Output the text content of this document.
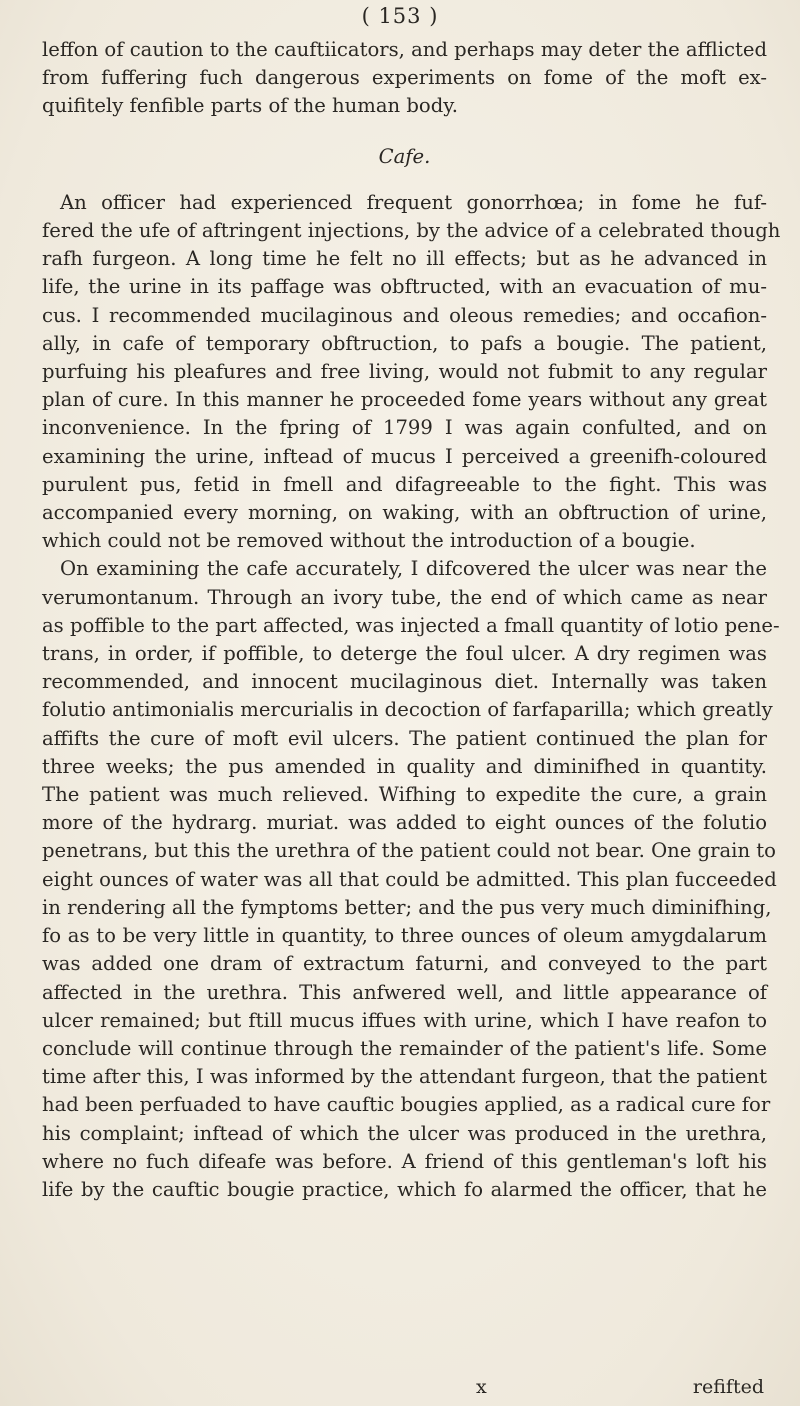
( 153 )
leffon of caution to the cauftiicators, and perhaps may deter the afflicted
from fuffering fuch dangerous experiments on fome of the moft ex-
quifitely fenfible parts of the human body.
Cafe.
An officer had experienced frequent gonorrhœa; in fome he fuf-
fered the ufe of aftringent injections, by the advice of a celebrated though
rafh furgeon. A long time he felt no ill effects; but as he advanced in
life, the urine in its paffage was obftructed, with an evacuation of mu-
cus. I recommended mucilaginous and oleous remedies; and occafion-
ally, in cafe of temporary obftruction, to pafs a bougie. The patient,
purfuing his pleafures and free living, would not fubmit to any regular
plan of cure. In this manner he proceeded fome years without any great
inconvenience. In the fpring of 1799 I was again confulted, and on
examining the urine, inftead of mucus I perceived a greenifh-coloured
purulent pus, fetid in fmell and difagreeable to the fight. This was
accompanied every morning, on waking, with an obftruction of urine,
which could not be removed without the introduction of a bougie.
On examining the cafe accurately, I difcovered the ulcer was near the
verumontanum. Through an ivory tube, the end of which came as near
as poffible to the part affected, was injected a fmall quantity of lotio pene-
trans, in order, if poffible, to deterge the foul ulcer. A dry regimen was
recommended, and innocent mucilaginous diet. Internally was taken
folutio antimonialis mercurialis in decoction of farfaparilla; which greatly
affifts the cure of moft evil ulcers. The patient continued the plan for
three weeks; the pus amended in quality and diminifhed in quantity.
The patient was much relieved. Wifhing to expedite the cure, a grain
more of the hydrarg. muriat. was added to eight ounces of the folutio
penetrans, but this the urethra of the patient could not bear. One grain to
eight ounces of water was all that could be admitted. This plan fucceeded
in rendering all the fymptoms better; and the pus very much diminifhing,
fo as to be very little in quantity, to three ounces of oleum amygdalarum
was added one dram of extractum faturni, and conveyed to the part
affected in the urethra. This anfwered well, and little appearance of
ulcer remained; but ftill mucus iffues with urine, which I have reafon to
conclude will continue through the remainder of the patient's life. Some
time after this, I was informed by the attendant furgeon, that the patient
had been perfuaded to have cauftic bougies applied, as a radical cure for
his complaint; inftead of which the ulcer was produced in the urethra,
where no fuch difeafe was before. A friend of this gentleman's loft his
life by the cauftic bougie practice, which fo alarmed the officer, that he
x	refifted
